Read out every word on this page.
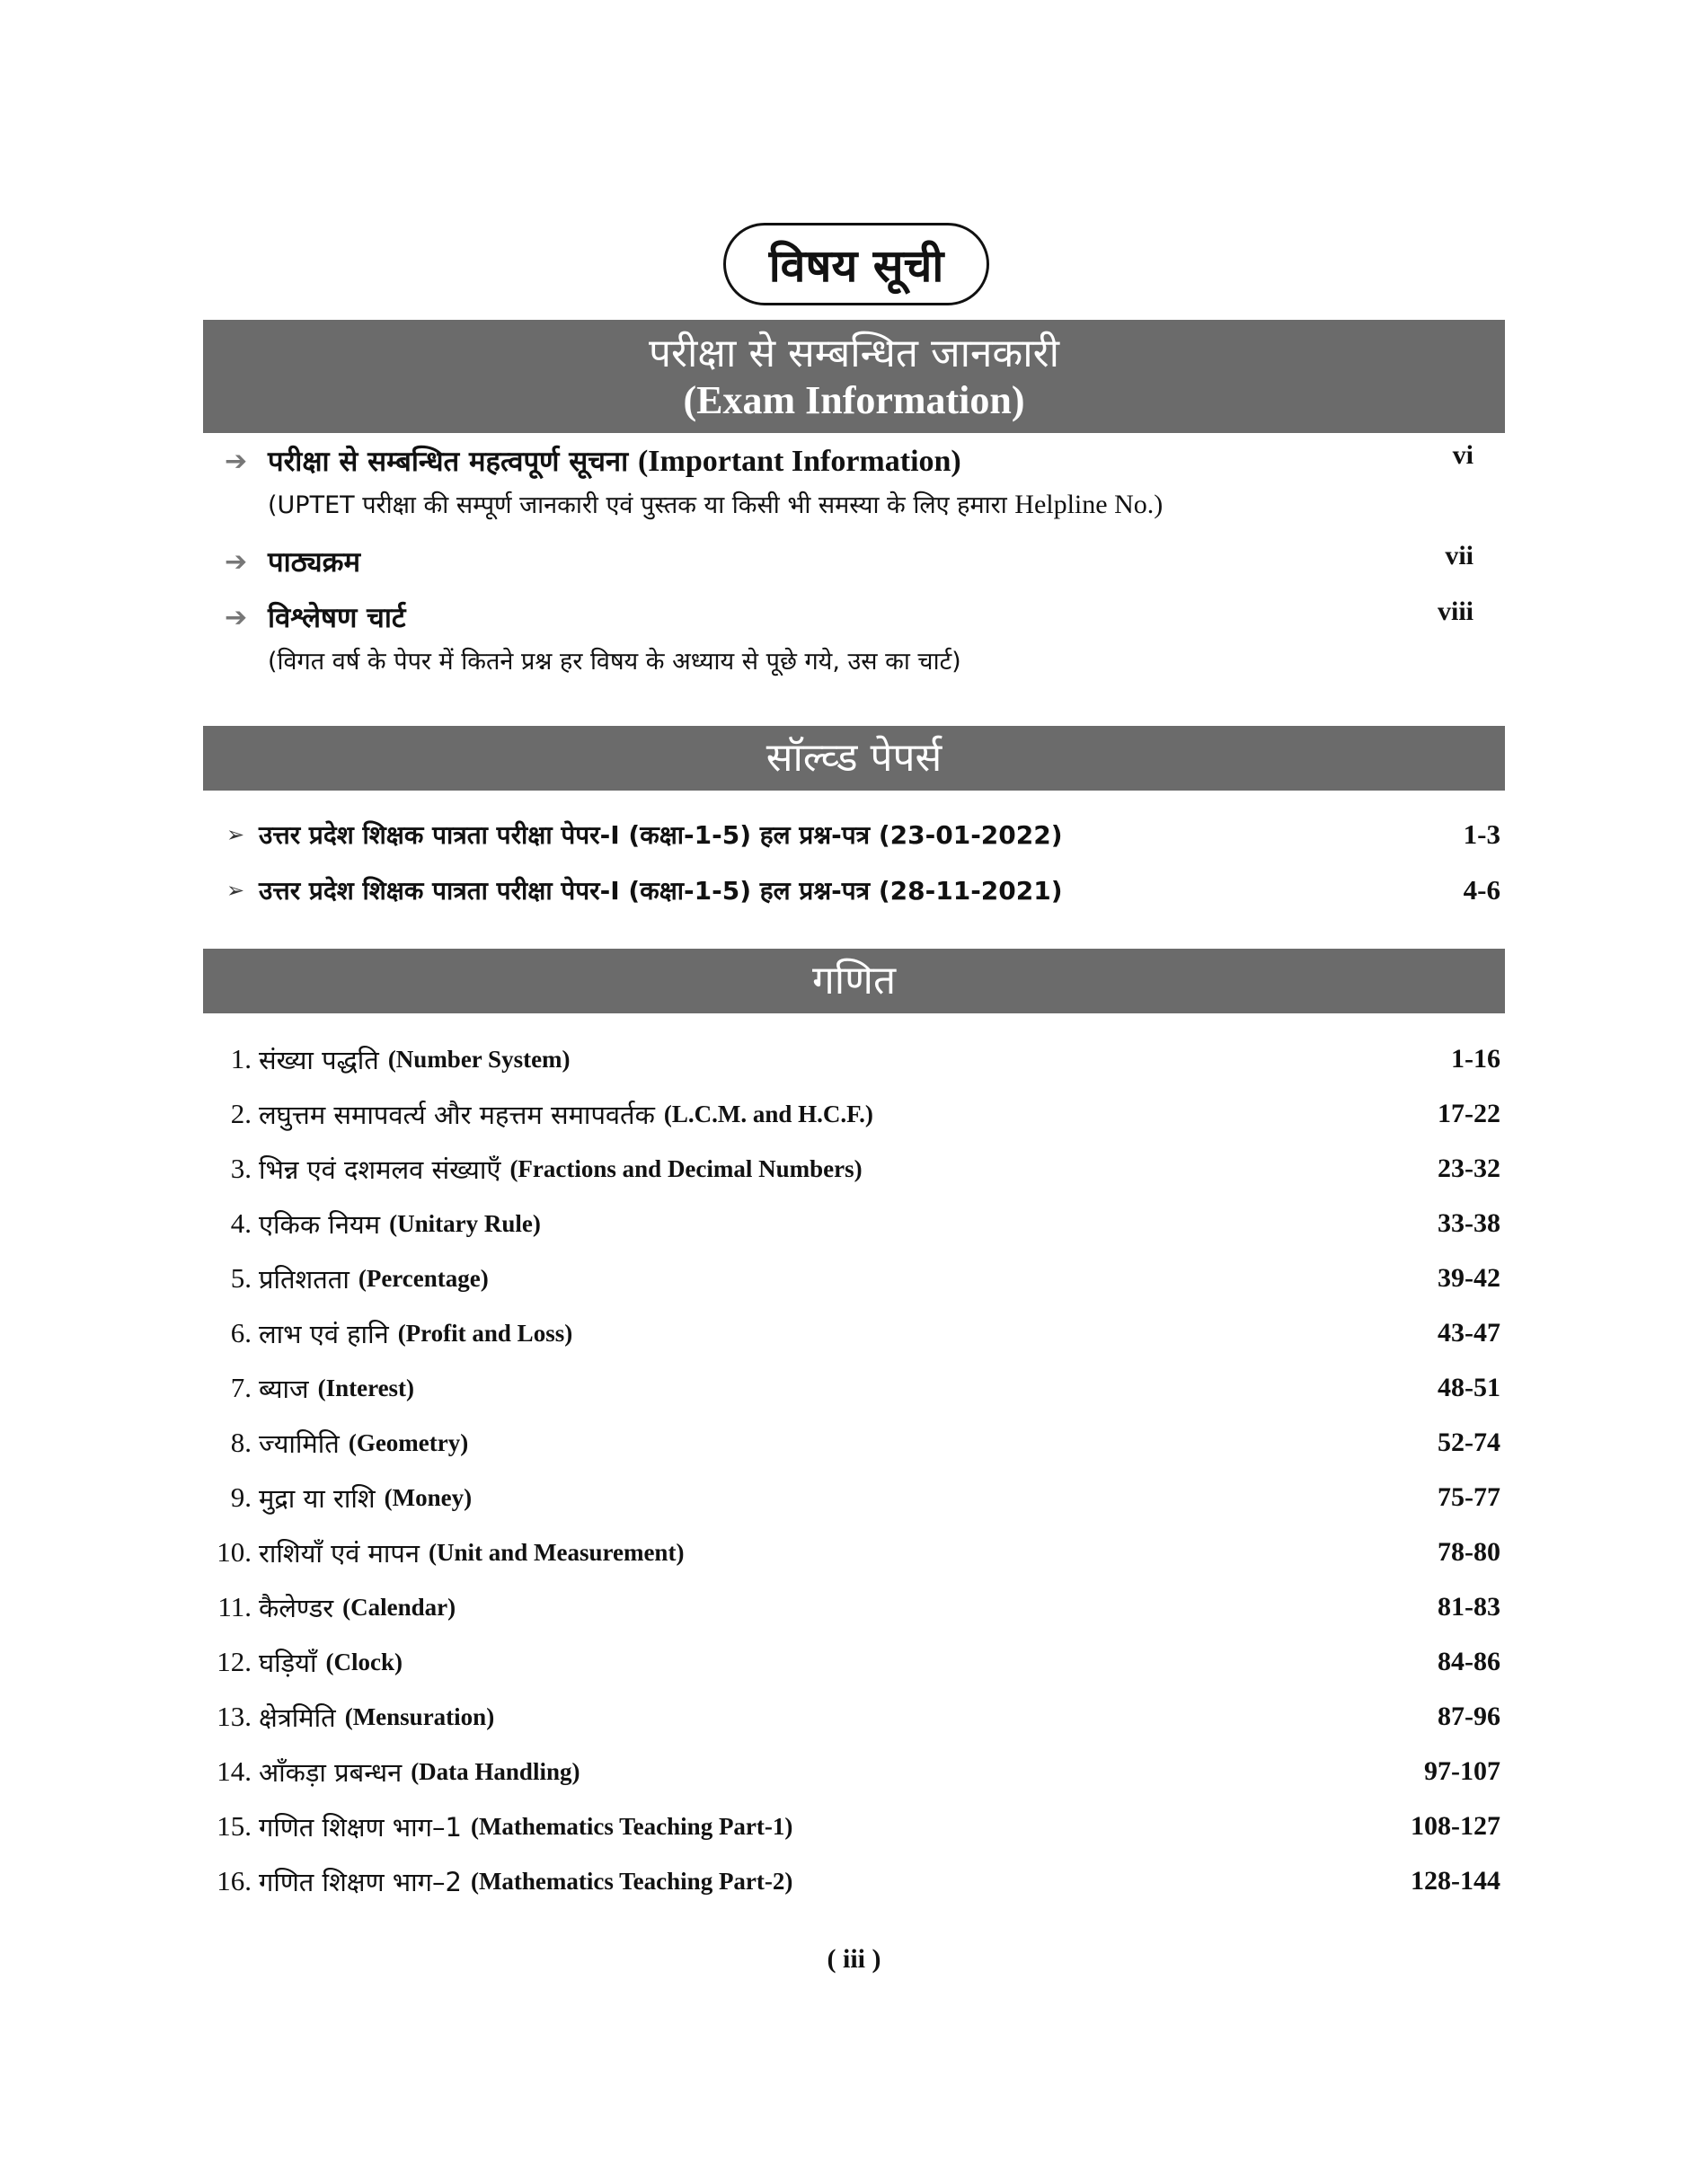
विषय सूची
परीक्षा से सम्बन्धित जानकारी
(Exam Information)
➔ परीक्षा से सम्बन्धित महत्वपूर्ण सूचना (Important Information)	vi
(UPTET परीक्षा की सम्पूर्ण जानकारी एवं पुस्तक या किसी भी समस्या के लिए हमारा Helpline No.)
➔ पाठ्यक्रम	vii
➔ विश्लेषण चार्ट	viii
(विगत वर्ष के पेपर में कितने प्रश्न हर विषय के अध्याय से पूछे गये, उस का चार्ट)
सॉल्व्ड पेपर्स
➢ उत्तर प्रदेश शिक्षक पात्रता परीक्षा पेपर-I (कक्षा-1-5) हल प्रश्न-पत्र (23-01-2022)	1-3
➢ उत्तर प्रदेश शिक्षक पात्रता परीक्षा पेपर-I (कक्षा-1-5) हल प्रश्न-पत्र (28-11-2021)	4-6
गणित
1. संख्या पद्धति (Number System)	1-16
2. लघुत्तम समापवर्त्य और महत्तम समापवर्तक (L.C.M. and H.C.F.)	17-22
3. भिन्न एवं दशमलव संख्याएँ (Fractions and Decimal Numbers)	23-32
4. एकिक नियम (Unitary Rule)	33-38
5. प्रतिशतता (Percentage)	39-42
6. लाभ एवं हानि (Profit and Loss)	43-47
7. ब्याज (Interest)	48-51
8. ज्यामिति (Geometry)	52-74
9. मुद्रा या राशि (Money)	75-77
10. राशियाँ एवं मापन (Unit and Measurement)	78-80
11. कैलेण्डर (Calendar)	81-83
12. घड़ियाँ (Clock)	84-86
13. क्षेत्रमिति (Mensuration)	87-96
14. आँकड़ा प्रबन्धन (Data Handling)	97-107
15. गणित शिक्षण भाग–1 (Mathematics Teaching Part-1)	108-127
16. गणित शिक्षण भाग–2 (Mathematics Teaching Part-2)	128-144
( iii )
